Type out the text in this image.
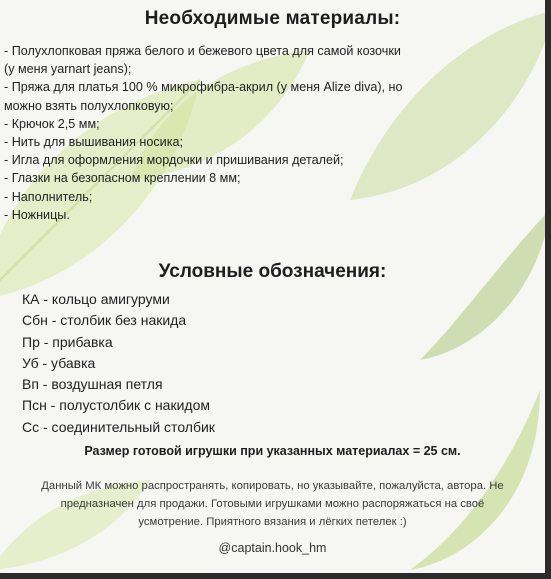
Необходимые материалы:
- Полухлопковая пряжа белого и бежевого цвета для самой козочки
(у меня yarnart jeans);
- Пряжа для платья 100 % микрофибра-акрил (у меня Alize diva), но
можно взять полухлопковую;
- Крючок 2,5 мм;
- Нить для вышивания носика;
- Игла для оформления мордочки и пришивания деталей;
- Глазки на безопасном креплении 8 мм;
- Наполнитель;
- Ножницы.
Условные обозначения:
КА - кольцо амигуруми
Сбн - столбик без накида
Пр - прибавка
Уб - убавка
Вп - воздушная петля
Псн - полустолбик с накидом
Сс - соединительный столбик
Размер готовой игрушки при указанных материалах = 25 см.
Данный МК можно распространять, копировать, но указывайте, пожалуйста, автора. Не
предназначен для продажи. Готовыми игрушками можно распоряжаться на своё
усмотрение. Приятного вязания и лёгких петелек :)
@captain.hook_hm
